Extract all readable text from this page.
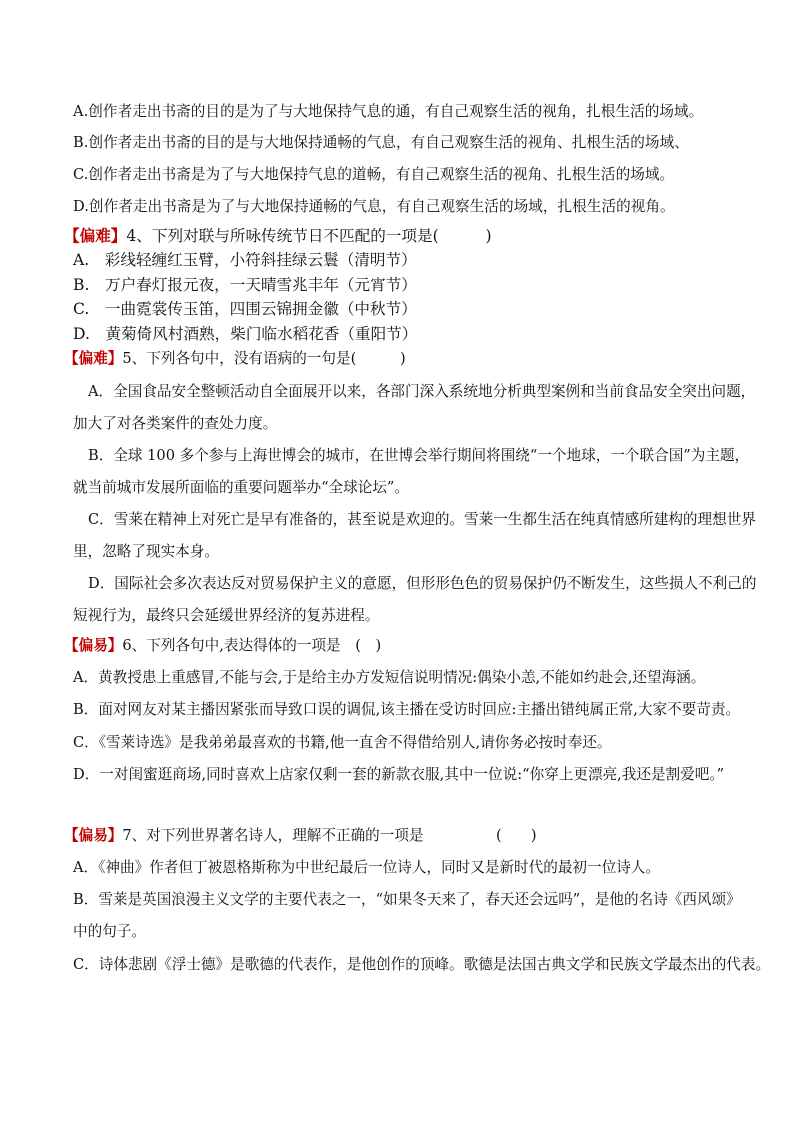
A.创作者走出书斋的目的是为了与大地保持气息的通，有自己观察生活的视角，扎根生活的场域。
B.创作者走出书斋的目的是与大地保持通畅的气息，有自己观察生活的视角、扎根生活的场域、
C.创作者走出书斋是为了与大地保持气息的道畅，有自己观察生活的视角、扎根生活的场域。
D.创作者走出书斋是为了与大地保持通畅的气息，有自己观察生活的场域，扎根生活的视角。
【偏难】4、下列对联与所咏传统节日不匹配的一项是(　　　)
A.　彩线轻缠红玉臂，小符斜挂绿云鬟（清明节）
B.　万户春灯报元夜，一天晴雪兆丰年（元宵节）
C.　一曲霓裳传玉笛，四围云锦拥金徽（中秋节）
D.　黄菊倚风村酒熟，柴门临水稻花香（重阳节）
【偏难】5、下列各句中，没有语病的一句是(　　　)
A．全国食品安全整顿活动自全面展开以来，各部门深入系统地分析典型案例和当前食品安全突出问题，
加大了对各类案件的查处力度。
B．全球 100 多个参与上海世博会的城市，在世博会举行期间将围绕“一个地球，一个联合国”为主题，
就当前城市发展所面临的重要问题举办“全球论坛”。
C．雪莱在精神上对死亡是早有准备的，甚至说是欢迎的。雪莱一生都生活在纯真情感所建构的理想世界
里，忽略了现实本身。
D．国际社会多次表达反对贸易保护主义的意愿，但形形色色的贸易保护仍不断发生，这些损人不利己的
短视行为，最终只会延缓世界经济的复苏进程。
【偏易】6、下列各句中,表达得体的一项是　(　)
A．黄教授患上重感冒,不能与会,于是给主办方发短信说明情况:偶染小恙,不能如约赴会,还望海涵。
B．面对网友对某主播因紧张而导致口误的调侃,该主播在受访时回应:主播出错纯属正常,大家不要苛责。
C．《雪莱诗选》是我弟弟最喜欢的书籍,他一直舍不得借给别人,请你务必按时奉还。
D．一对闺蜜逛商场,同时喜欢上店家仅剩一套的新款衣服,其中一位说:“你穿上更漂亮,我还是割爱吧。”
【偏易】7、对下列世界著名诗人，理解不正确的一项是	(　　)
A．《神曲》作者但丁被恩格斯称为中世纪最后一位诗人，同时又是新时代的最初一位诗人。
B．雪莱是英国浪漫主义文学的主要代表之一，“如果冬天来了，春天还会远吗”，是他的名诗《西风颂》
中的句子。
C．诗体悲剧《浮士德》是歌德的代表作，是他创作的顶峰。歌德是法国古典文学和民族文学最杰出的代表。
